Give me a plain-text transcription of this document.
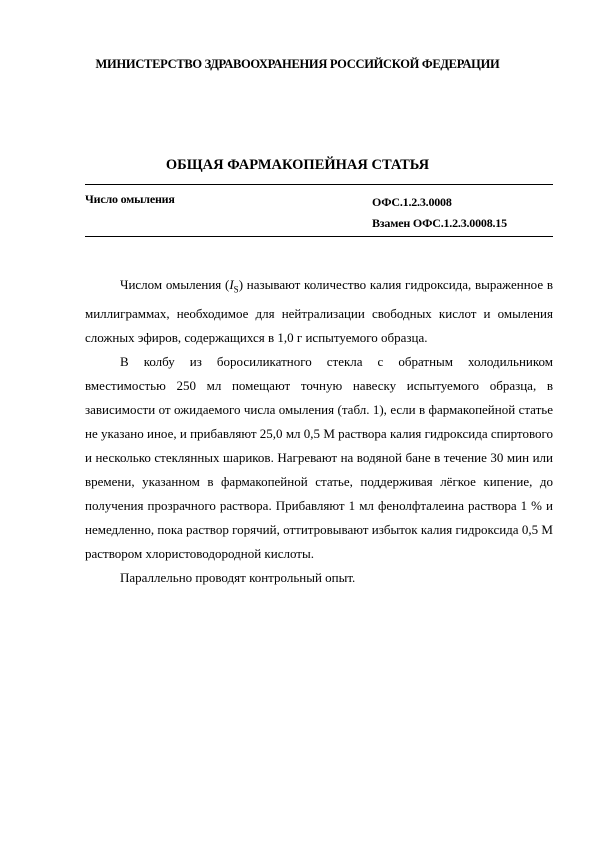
МИНИСТЕРСТВО ЗДРАВООХРАНЕНИЯ РОССИЙСКОЙ ФЕДЕРАЦИИ
ОБЩАЯ ФАРМАКОПЕЙНАЯ СТАТЬЯ
Число омыления	ОФС.1.2.3.0008
Взамен ОФС.1.2.3.0008.15

Числом омыления $(I_S)$ называют количество калия гидроксида, выраженное в миллиграммах, необходимое для нейтрализации свободных кислот и омыления сложных эфиров, содержащихся в 1,0 г испытуемого образца.

В колбу из боросиликатного стекла с обратным холодильником вместимостью 250 мл помещают точную навеску испытуемого образца, в зависимости от ожидаемого числа омыления (табл. 1), если в фармакопейной статье не указано иное, и прибавляют 25,0 мл 0,5 М раствора калия гидроксида спиртового и несколько стеклянных шариков. Нагревают на водяной бане в течение 30 мин или времени, указанном в фармакопейной статье, поддерживая лёгкое кипение, до получения прозрачного раствора. Прибавляют 1 мл фенолфталеина раствора 1 % и немедленно, пока раствор горячий, оттитровывают избыток калия гидроксида 0,5 М раствором хлористоводородной кислоты.

Параллельно проводят контрольный опыт.
